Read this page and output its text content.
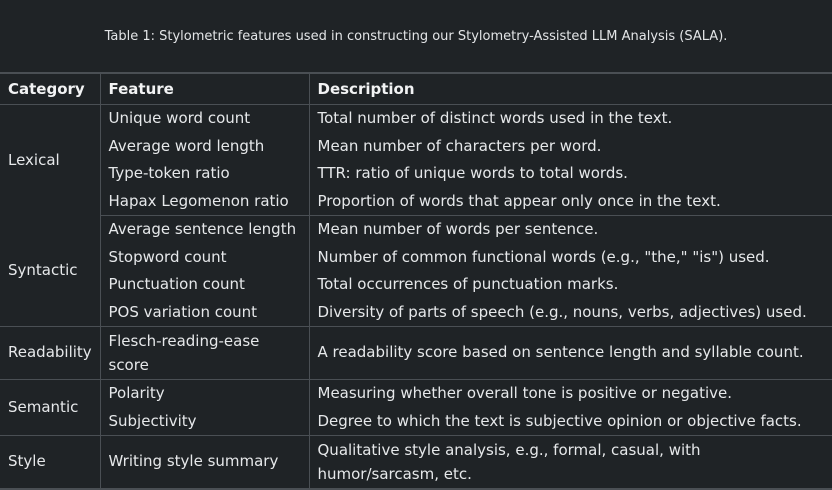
Table 1: Stylometric features used in constructing our Stylometry-Assisted LLM Analysis (SALA).
Category	Feature	Description
Lexical	Unique word count	Total number of distinct words used in the text.
	Average word length	Mean number of characters per word.
	Type-token ratio	TTR: ratio of unique words to total words.
	Hapax Legomenon ratio	Proportion of words that appear only once in the text.
Syntactic	Average sentence length	Mean number of words per sentence.
	Stopword count	Number of common functional words (e.g., "the," "is") used.
	Punctuation count	Total occurrences of punctuation marks.
	POS variation count	Diversity of parts of speech (e.g., nouns, verbs, adjectives) used.
Readability	Flesch-reading-ease score	A readability score based on sentence length and syllable count.
Semantic	Polarity	Measuring whether overall tone is positive or negative.
	Subjectivity	Degree to which the text is subjective opinion or objective facts.
Style	Writing style summary	Qualitative style analysis, e.g., formal, casual, with humor/sarcasm, etc.
